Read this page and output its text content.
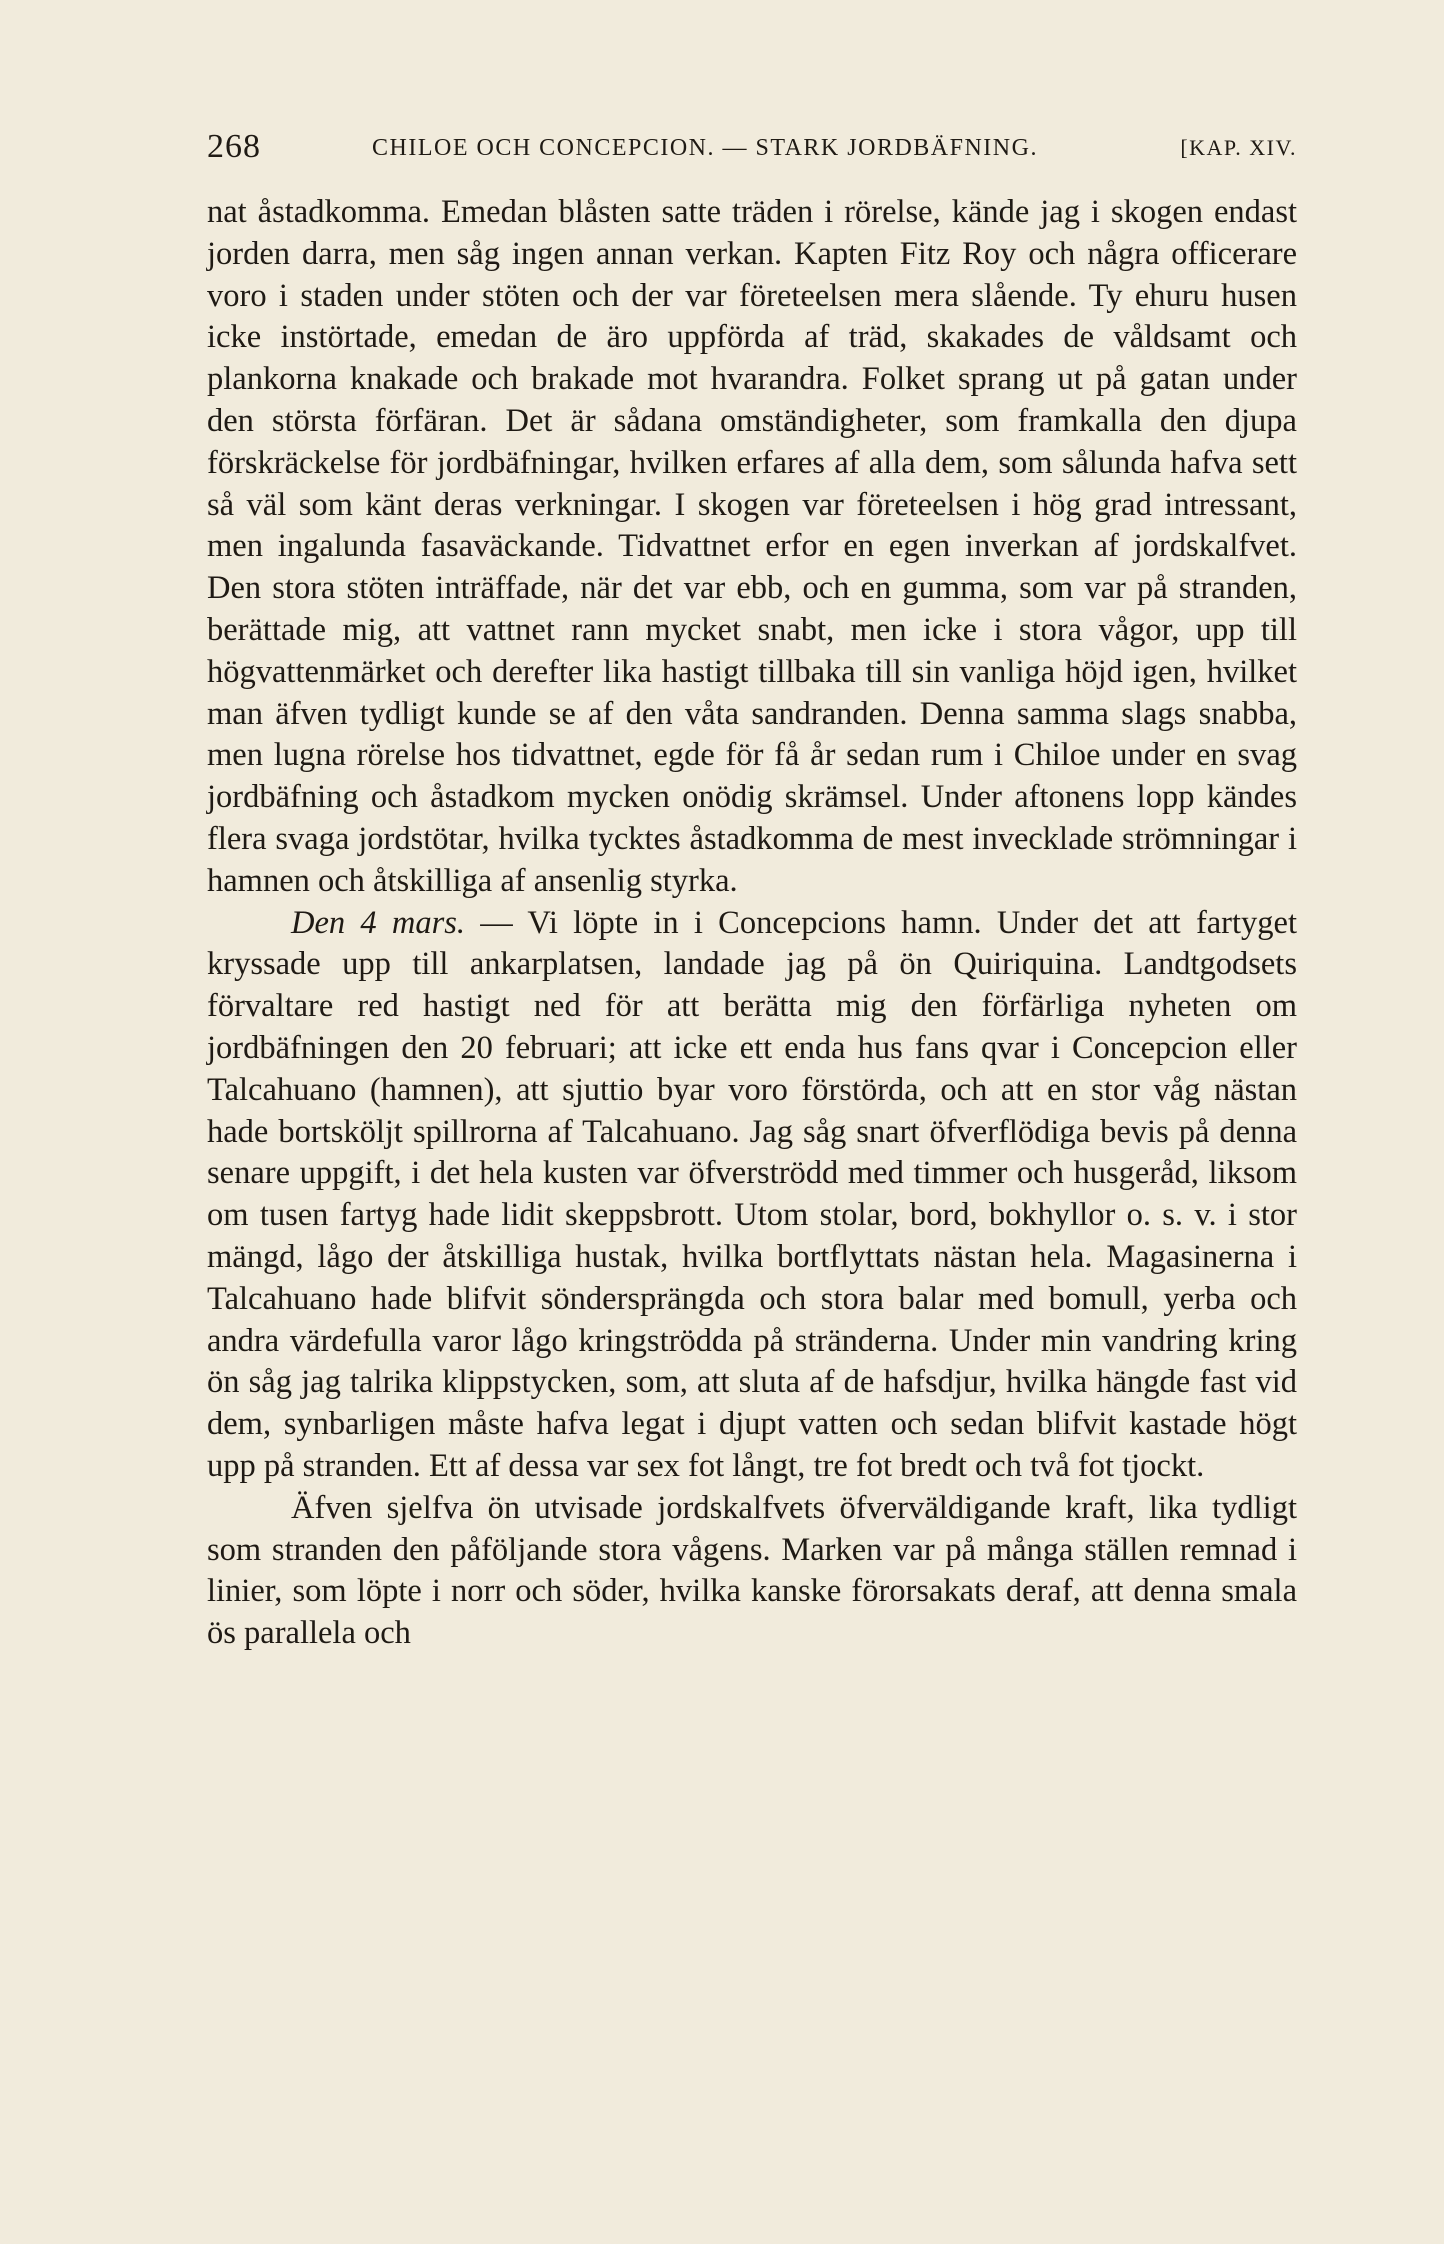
268	CHILOE OCH CONCEPCION. — STARK JORDBÄFNING.	[KAP. XIV.

nat åstadkomma. Emedan blåsten satte träden i rörelse, kände jag i skogen endast jorden darra, men såg ingen annan verkan. Kapten Fitz Roy och några officerare voro i staden under stöten och der var företeelsen mera slående. Ty ehuru husen icke instörtade, emedan de äro uppförda af träd, skakades de våldsamt och plankorna knakade och brakade mot hvarandra. Folket sprang ut på gatan under den största förfäran. Det är sådana omständigheter, som framkalla den djupa förskräckelse för jordbäfningar, hvilken erfares af alla dem, som sålunda hafva sett så väl som känt deras verkningar. I skogen var företeelsen i hög grad intressant, men ingalunda fasaväckande. Tidvattnet erfor en egen inverkan af jordskalfvet. Den stora stöten inträffade, när det var ebb, och en gumma, som var på stranden, berättade mig, att vattnet rann mycket snabt, men icke i stora vågor, upp till högvattenmärket och derefter lika hastigt tillbaka till sin vanliga höjd igen, hvilket man äfven tydligt kunde se af den våta sandranden. Denna samma slags snabba, men lugna rörelse hos tidvattnet, egde för få år sedan rum i Chiloe under en svag jordbäfning och åstadkom mycken onödig skrämsel. Under aftonens lopp kändes flera svaga jordstötar, hvilka tycktes åstadkomma de mest invecklade strömningar i hamnen och åtskilliga af ansenlig styrka.

Den 4 mars. — Vi löpte in i Concepcions hamn. Under det att fartyget kryssade upp till ankarplatsen, landade jag på ön Quiriquina. Landtgodsets förvaltare red hastigt ned för att berätta mig den förfärliga nyheten om jordbäfningen den 20 februari; att icke ett enda hus fans qvar i Concepcion eller Talcahuano (hamnen), att sjuttio byar voro förstörda, och att en stor våg nästan hade bortsköljt spillrorna af Talcahuano. Jag såg snart öfverflödiga bevis på denna senare uppgift, i det hela kusten var öfverströdd med timmer och husgeråd, liksom om tusen fartyg hade lidit skeppsbrott. Utom stolar, bord, bokhyllor o. s. v. i stor mängd, lågo der åtskilliga hustak, hvilka bortflyttats nästan hela. Magasinerna i Talcahuano hade blifvit söndersprängda och stora balar med bomull, yerba och andra värdefulla varor lågo kringströdda på stränderna. Under min vandring kring ön såg jag talrika klippstycken, som, att sluta af de hafsdjur, hvilka hängde fast vid dem, synbarligen måste hafva legat i djupt vatten och sedan blifvit kastade högt upp på stranden. Ett af dessa var sex fot långt, tre fot bredt och två fot tjockt.

Äfven sjelfva ön utvisade jordskalfvets öfverväldigande kraft, lika tydligt som stranden den påföljande stora vågens. Marken var på många ställen remnad i linier, som löpte i norr och söder, hvilka kanske förorsakats deraf, att denna smala ös parallela och
